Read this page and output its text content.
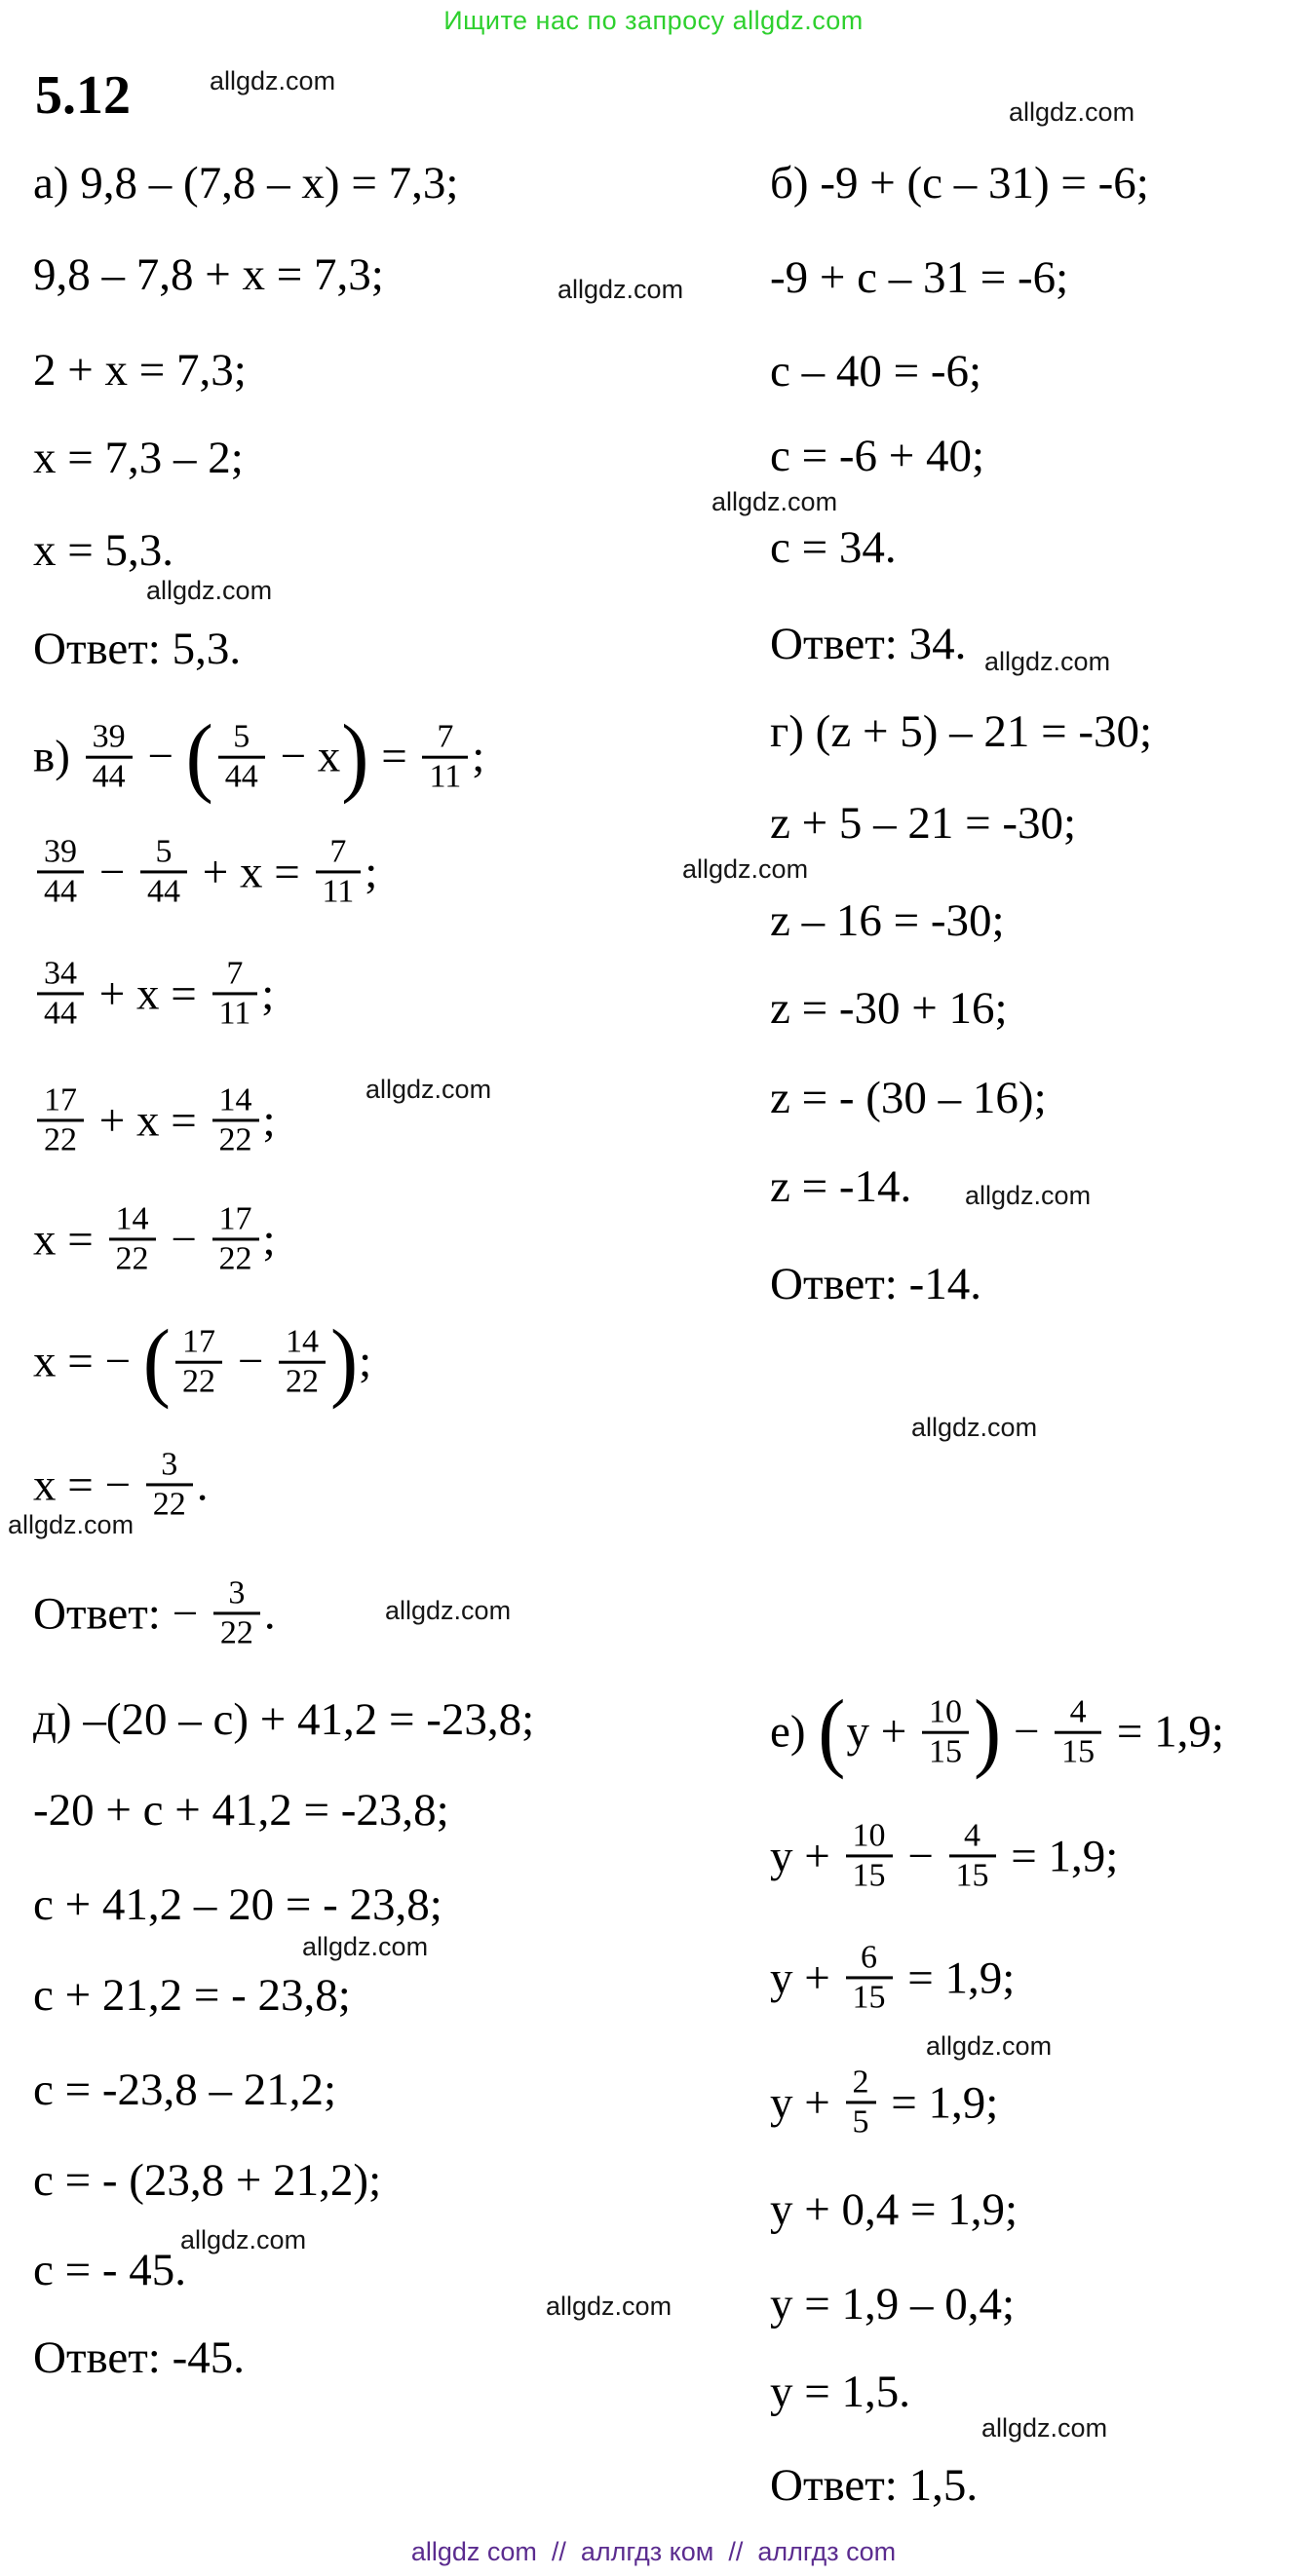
Ищите нас по запросу allgdz.com
5.12
а) 9,8 – (7,8 – x) = 7,3;
9,8 – 7,8 + x = 7,3;
2 + x = 7,3;
x = 7,3 – 2;
x = 5,3.
Ответ: 5,3.
$в) \frac{39}{44}$ − ( $\frac{5}{44} - x$ ) = $\frac{7}{11}$ ;
$\frac{39}{44} - \frac{5}{44} + x = \frac{7}{11}$ ;
$\frac{34}{44} + x = \frac{7}{11}$ ;
$\frac{17}{22} + x = \frac{14}{22}$ ;
$x = \frac{14}{22} - \frac{17}{22}$ ;
x = − ( $\frac{17}{22} - \frac{14}{22}$ ) ;
x = − $\frac{3}{22}$ .
Ответ: − $\frac{3}{22}$ .
д) –(20 – c) + 41,2 = -23,8;
-20 + c + 41,2 = -23,8;
c + 41,2 – 20 = - 23,8;
c + 21,2 = - 23,8;
c = -23,8 – 21,2;
c = - (23,8 + 21,2);
c = - 45.
Ответ: -45.
б) -9 + (c – 31) = -6;
-9 + c – 31 = -6;
c – 40 = -6;
c = -6 + 40;
c = 34.
Ответ: 34.
г) (z + 5) – 21 = -30;
z + 5 – 21 = -30;
z – 16 = -30;
z = -30 + 16;
z = - (30 – 16);
z = -14.
Ответ: -14.
е) ( $y + \frac{10}{15}$ ) − $\frac{4}{15} = 1,9$;
$y + \frac{10}{15} - \frac{4}{15} = 1,9$;
$y + \frac{6}{15} = 1,9$;
$y + \frac{2}{5} = 1,9$;
y + 0,4 = 1,9;
y = 1,9 – 0,4;
y = 1,5.
Ответ: 1,5.
allgdz.com
allgdz.com
allgdz.com
allgdz.com
allgdz.com
allgdz.com
allgdz.com
allgdz.com
allgdz.com
allgdz.com
allgdz.com
allgdz.com
allgdz.com
allgdz.com
allgdz.com
allgdz.com
allgdz.com
allgdz com  //  аллгдз ком  //  аллгдз com
